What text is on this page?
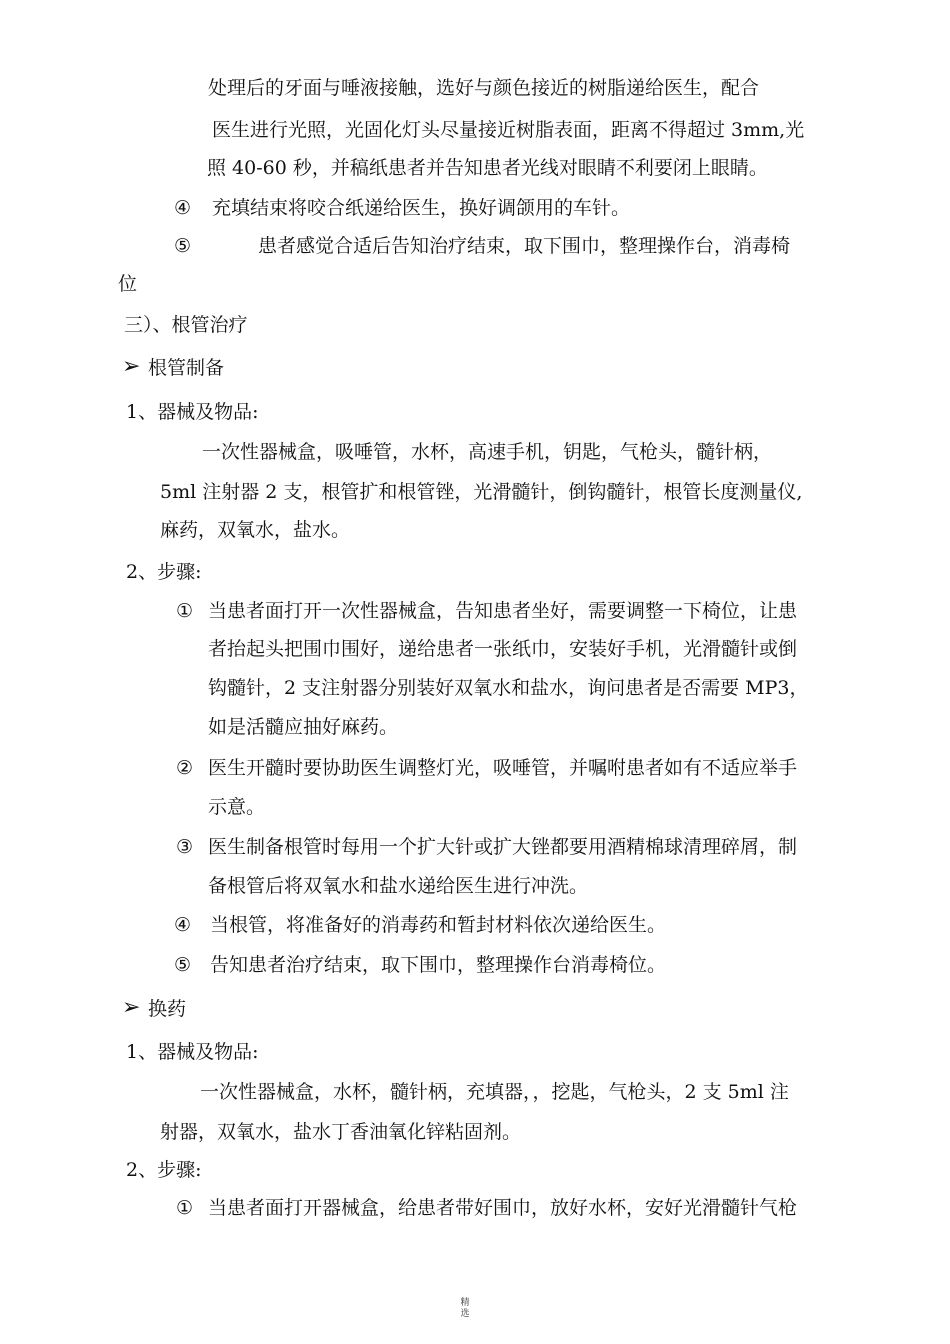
处理后的牙面与唾液接触，选好与颜色接近的树脂递给医生，配合
医生进行光照，光固化灯头尽量接近树脂表面，距离不得超过 3mm,光
照 40-60 秒，并稿纸患者并告知患者光线对眼睛不利要闭上眼睛。
④ 充填结束将咬合纸递给医生，换好调颌用的车针。
⑤	患者感觉合适后告知治疗结束，取下围巾，整理操作台，消毒椅
位
三）、根管治疗
➢ 根管制备
1、器械及物品:
一次性器械盒，吸唾管，水杯，高速手机，钥匙，气枪头，髓针柄，
5ml 注射器 2 支，根管扩和根管锉，光滑髓针，倒钩髓针，根管长度测量仪,
麻药，双氧水，盐水。
2、步骤:
① 当患者面打开一次性器械盒，告知患者坐好，需要调整一下椅位，让患
者抬起头把围巾围好，递给患者一张纸巾，安装好手机，光滑髓针或倒
钩髓针，2 支注射器分别装好双氧水和盐水，询问患者是否需要 MP3，
如是活髓应抽好麻药。
② 医生开髓时要协助医生调整灯光，吸唾管，并嘱咐患者如有不适应举手
示意。
③ 医生制备根管时每用一个扩大针或扩大锉都要用酒精棉球清理碎屑，制
备根管后将双氧水和盐水递给医生进行冲洗。
④ 当根管，将准备好的消毒药和暂封材料依次递给医生。
⑤ 告知患者治疗结束，取下围巾，整理操作台消毒椅位。
➢ 换药
1、器械及物品:
一次性器械盒，水杯，髓针柄，充填器，，挖匙，气枪头，2 支 5ml 注
射器，双氧水，盐水丁香油氧化锌粘固剂。
2、步骤:
① 当患者面打开器械盒，给患者带好围巾，放好水杯，安好光滑髓针气枪
精
选
